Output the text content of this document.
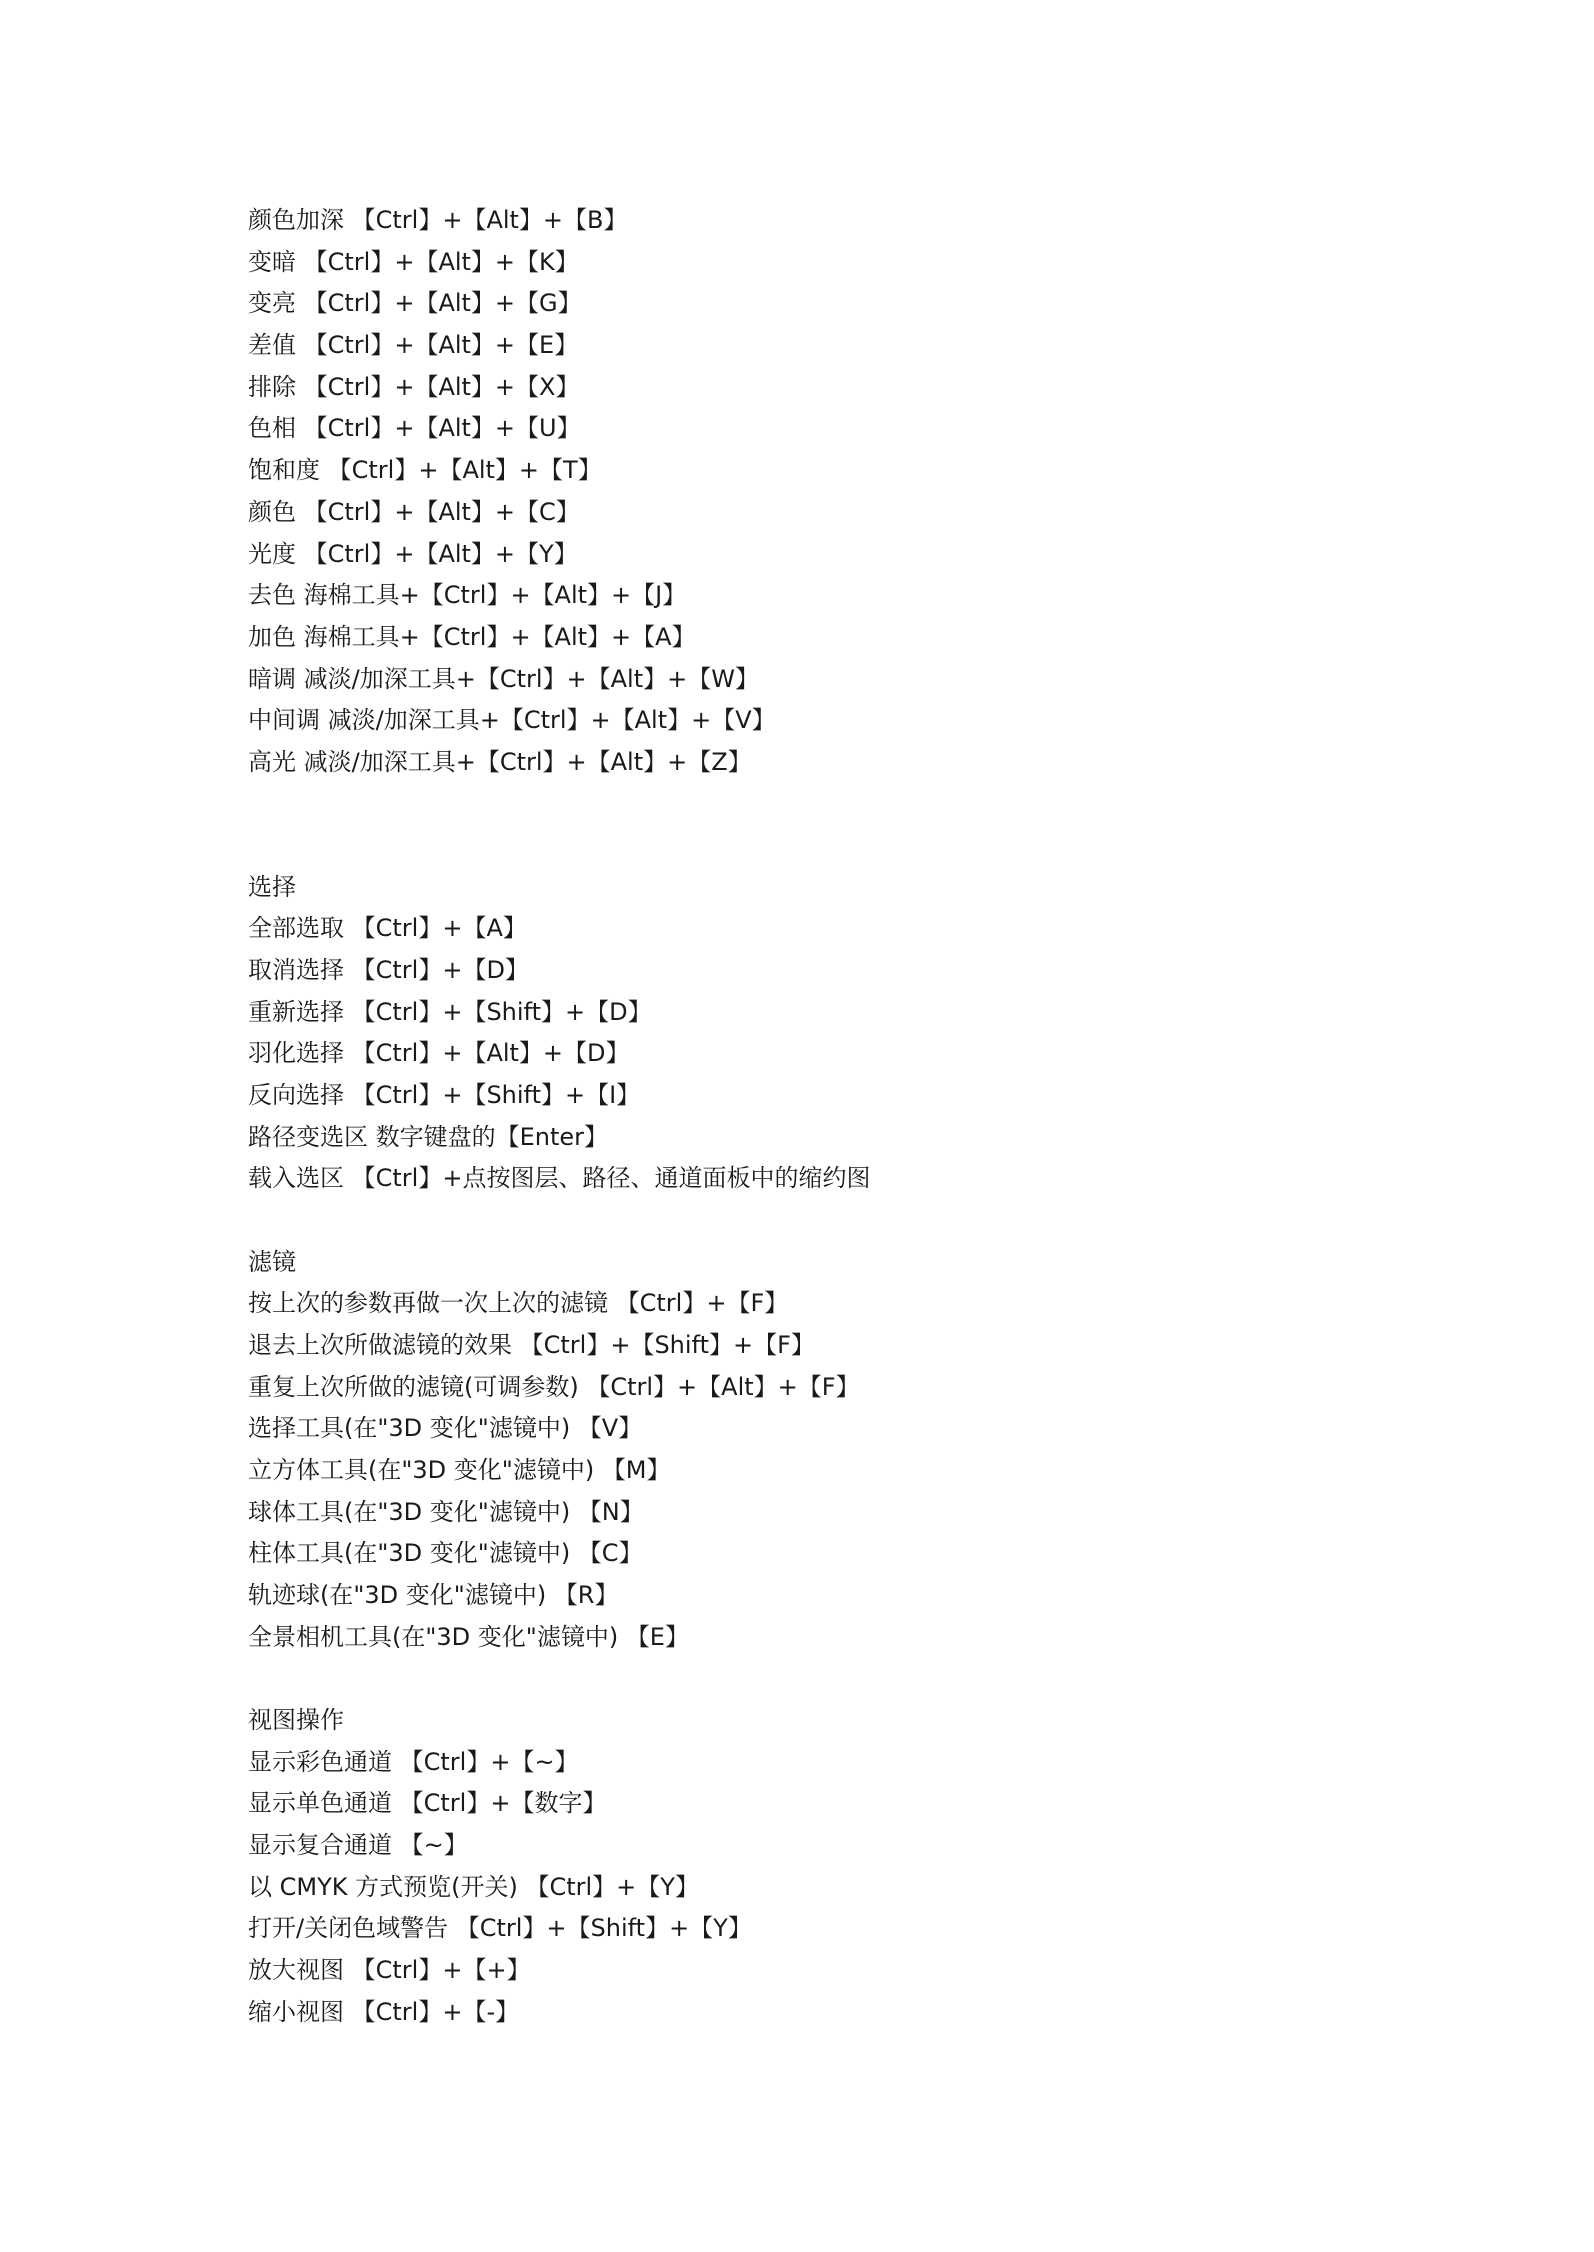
颜色加深 【Ctrl】+【Alt】+【B】
变暗 【Ctrl】+【Alt】+【K】
变亮 【Ctrl】+【Alt】+【G】
差值 【Ctrl】+【Alt】+【E】
排除 【Ctrl】+【Alt】+【X】
色相 【Ctrl】+【Alt】+【U】
饱和度 【Ctrl】+【Alt】+【T】
颜色 【Ctrl】+【Alt】+【C】
光度 【Ctrl】+【Alt】+【Y】
去色 海棉工具+【Ctrl】+【Alt】+【J】
加色 海棉工具+【Ctrl】+【Alt】+【A】
暗调 减淡/加深工具+【Ctrl】+【Alt】+【W】
中间调 减淡/加深工具+【Ctrl】+【Alt】+【V】
高光 减淡/加深工具+【Ctrl】+【Alt】+【Z】
选择
全部选取 【Ctrl】+【A】
取消选择 【Ctrl】+【D】
重新选择 【Ctrl】+【Shift】+【D】
羽化选择 【Ctrl】+【Alt】+【D】
反向选择 【Ctrl】+【Shift】+【I】
路径变选区 数字键盘的【Enter】
载入选区 【Ctrl】+点按图层、路径、通道面板中的缩约图
滤镜
按上次的参数再做一次上次的滤镜 【Ctrl】+【F】
退去上次所做滤镜的效果 【Ctrl】+【Shift】+【F】
重复上次所做的滤镜(可调参数) 【Ctrl】+【Alt】+【F】
选择工具(在"3D 变化"滤镜中) 【V】
立方体工具(在"3D 变化"滤镜中) 【M】
球体工具(在"3D 变化"滤镜中) 【N】
柱体工具(在"3D 变化"滤镜中) 【C】
轨迹球(在"3D 变化"滤镜中) 【R】
全景相机工具(在"3D 变化"滤镜中) 【E】
视图操作
显示彩色通道 【Ctrl】+【~】
显示单色通道 【Ctrl】+【数字】
显示复合通道 【~】
以 CMYK 方式预览(开关) 【Ctrl】+【Y】
打开/关闭色域警告 【Ctrl】+【Shift】+【Y】
放大视图 【Ctrl】+【+】
缩小视图 【Ctrl】+【-】
